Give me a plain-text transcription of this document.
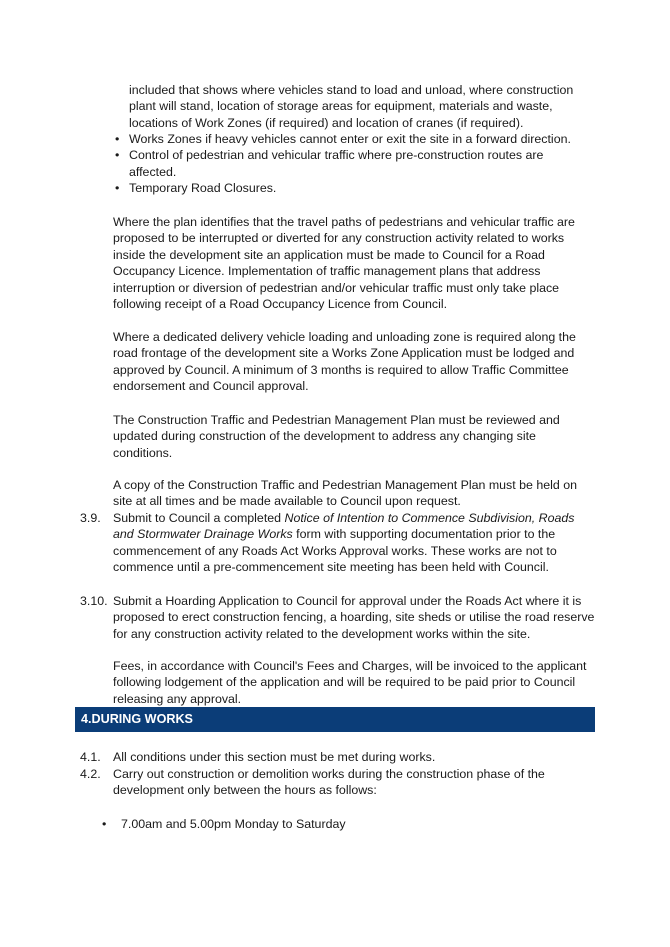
included that shows where vehicles stand to load and unload, where construction plant will stand, location of storage areas for equipment, materials and waste, locations of Work Zones (if required) and location of cranes (if required).

• Works Zones if heavy vehicles cannot enter or exit the site in a forward direction.
• Control of pedestrian and vehicular traffic where pre-construction routes are affected.
• Temporary Road Closures.

Where the plan identifies that the travel paths of pedestrians and vehicular traffic are proposed to be interrupted or diverted for any construction activity related to works inside the development site an application must be made to Council for a Road Occupancy Licence. Implementation of traffic management plans that address interruption or diversion of pedestrian and/or vehicular traffic must only take place following receipt of a Road Occupancy Licence from Council.

Where a dedicated delivery vehicle loading and unloading zone is required along the road frontage of the development site a Works Zone Application must be lodged and approved by Council. A minimum of 3 months is required to allow Traffic Committee endorsement and Council approval.

The Construction Traffic and Pedestrian Management Plan must be reviewed and updated during construction of the development to address any changing site conditions.

A copy of the Construction Traffic and Pedestrian Management Plan must be held on site at all times and be made available to Council upon request.

3.9. Submit to Council a completed Notice of Intention to Commence Subdivision, Roads and Stormwater Drainage Works form with supporting documentation prior to the commencement of any Roads Act Works Approval works. These works are not to commence until a pre-commencement site meeting has been held with Council.

3.10. Submit a Hoarding Application to Council for approval under the Roads Act where it is proposed to erect construction fencing, a hoarding, site sheds or utilise the road reserve for any construction activity related to the development works within the site.

Fees, in accordance with Council's Fees and Charges, will be invoiced to the applicant following lodgement of the application and will be required to be paid prior to Council releasing any approval.

4.DURING WORKS
4.1. All conditions under this section must be met during works.

4.2. Carry out construction or demolition works during the construction phase of the development only between the hours as follows:

• 7.00am and 5.00pm Monday to Saturday
